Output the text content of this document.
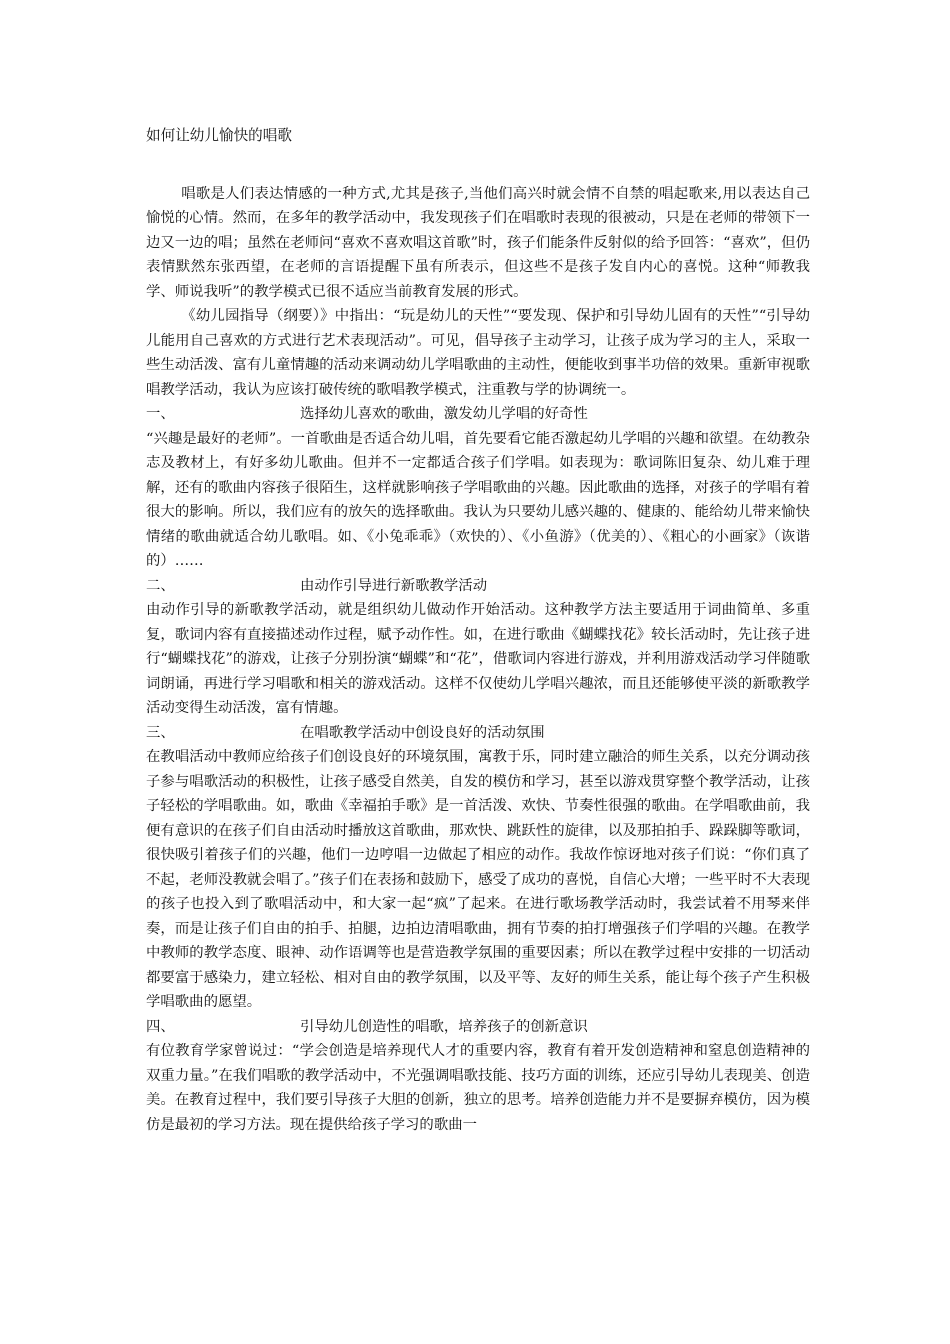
如何让幼儿愉快的唱歌

唱歌是人们表达情感的一种方式,尤其是孩子,当他们高兴时就会情不自禁的唱起歌来,用以表达自己愉悦的心情。然而，在多年的教学活动中，我发现孩子们在唱歌时表现的很被动，只是在老师的带领下一边又一边的唱；虽然在老师问“喜欢不喜欢唱这首歌”时，孩子们能条件反射似的给予回答：“喜欢”，但仍表情默然东张西望，在老师的言语提醒下虽有所表示，但这些不是孩子发自内心的喜悦。这种“师教我学、师说我听”的教学模式已很不适应当前教育发展的形式。

《幼儿园指导（纲要）》中指出：“玩是幼儿的天性”“要发现、保护和引导幼儿固有的天性”“引导幼儿能用自己喜欢的方式进行艺术表现活动”。可见，倡导孩子主动学习，让孩子成为学习的主人，采取一些生动活泼、富有儿童情趣的活动来调动幼儿学唱歌曲的主动性，便能收到事半功倍的效果。重新审视歌唱教学活动，我认为应该打破传统的歌唱教学模式，注重教与学的协调统一。

一、	选择幼儿喜欢的歌曲，激发幼儿学唱的好奇性

“兴趣是最好的老师”。一首歌曲是否适合幼儿唱，首先要看它能否激起幼儿学唱的兴趣和欲望。在幼教杂志及教材上，有好多幼儿歌曲。但并不一定都适合孩子们学唱。如表现为：歌词陈旧复杂、幼儿难于理解，还有的歌曲内容孩子很陌生，这样就影响孩子学唱歌曲的兴趣。因此歌曲的选择，对孩子的学唱有着很大的影响。所以，我们应有的放矢的选择歌曲。我认为只要幼儿感兴趣的、健康的、能给幼儿带来愉快情绪的歌曲就适合幼儿歌唱。如、《小兔乖乖》（欢快的）、《小鱼游》（优美的）、《粗心的小画家》（诙谐的）……

二、	由动作引导进行新歌教学活动

由动作引导的新歌教学活动，就是组织幼儿做动作开始活动。这种教学方法主要适用于词曲简单、多重复，歌词内容有直接描述动作过程，赋予动作性。如，在进行歌曲《蝴蝶找花》较长活动时，先让孩子进行“蝴蝶找花”的游戏，让孩子分别扮演“蝴蝶”和“花”，借歌词内容进行游戏，并利用游戏活动学习伴随歌词朗诵，再进行学习唱歌和相关的游戏活动。这样不仅使幼儿学唱兴趣浓，而且还能够使平淡的新歌教学活动变得生动活泼，富有情趣。

三、	在唱歌教学活动中创设良好的活动氛围

在教唱活动中教师应给孩子们创设良好的环境氛围，寓教于乐，同时建立融洽的师生关系，以充分调动孩子参与唱歌活动的积极性，让孩子感受自然美，自发的模仿和学习，甚至以游戏贯穿整个教学活动，让孩子轻松的学唱歌曲。如，歌曲《幸福拍手歌》是一首活泼、欢快、节奏性很强的歌曲。在学唱歌曲前，我便有意识的在孩子们自由活动时播放这首歌曲，那欢快、跳跃性的旋律，以及那拍拍手、跺跺脚等歌词，很快吸引着孩子们的兴趣，他们一边哼唱一边做起了相应的动作。我故作惊讶地对孩子们说：“你们真了不起，老师没教就会唱了。”孩子们在表扬和鼓励下，感受了成功的喜悦，自信心大增；一些平时不大表现的孩子也投入到了歌唱活动中，和大家一起“疯”了起来。在进行歌场教学活动时，我尝试着不用琴来伴奏，而是让孩子们自由的拍手、拍腿，边拍边清唱歌曲，拥有节奏的拍打增强孩子们学唱的兴趣。在教学中教师的教学态度、眼神、动作语调等也是营造教学氛围的重要因素；所以在教学过程中安排的一切活动都要富于感染力，建立轻松、相对自由的教学氛围，以及平等、友好的师生关系，能让每个孩子产生积极学唱歌曲的愿望。

四、	引导幼儿创造性的唱歌，培养孩子的创新意识

有位教育学家曾说过：“学会创造是培养现代人才的重要内容，教育有着开发创造精神和窒息创造精神的双重力量。”在我们唱歌的教学活动中，不光强调唱歌技能、技巧方面的训练，还应引导幼儿表现美、创造美。在教育过程中，我们要引导孩子大胆的创新，独立的思考。培养创造能力并不是要摒弃模仿，因为模仿是最初的学习方法。现在提供给孩子学习的歌曲一
